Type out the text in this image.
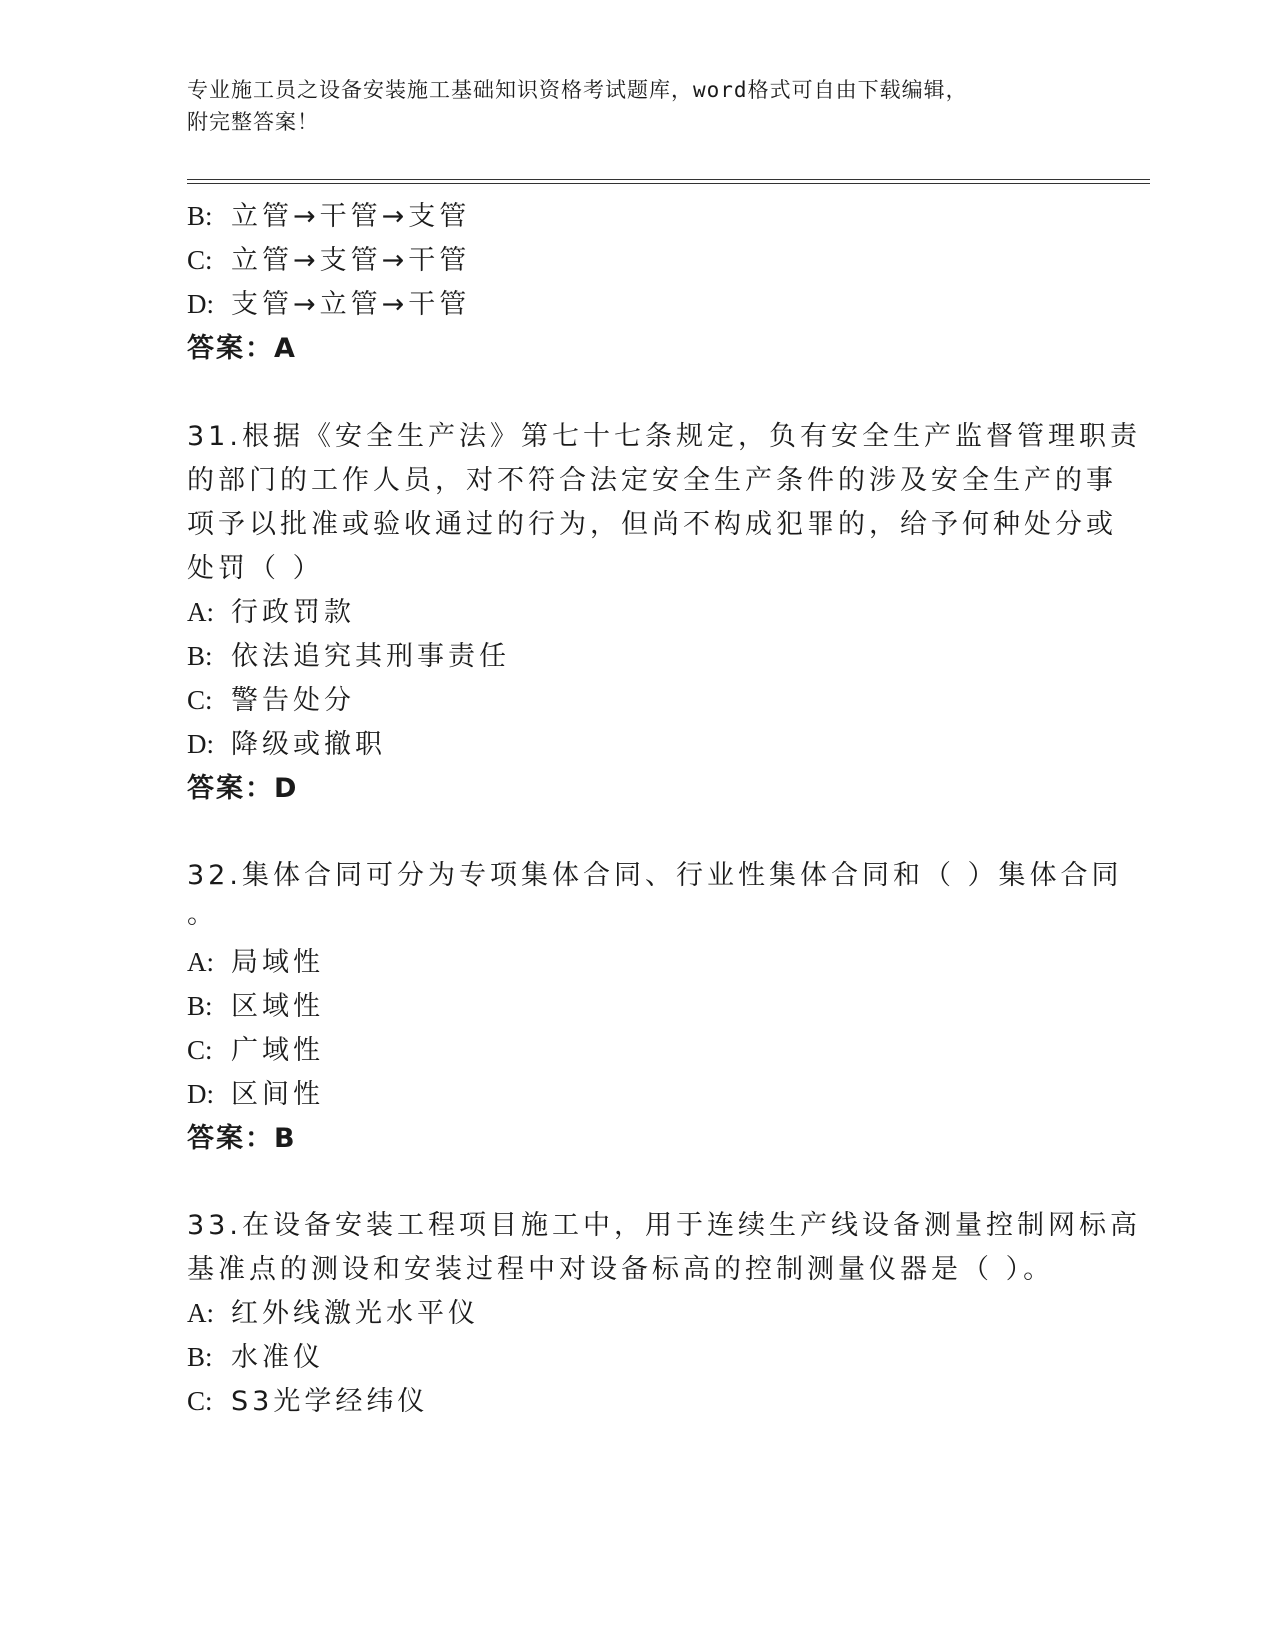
专业施工员之设备安装施工基础知识资格考试题库，word格式可自由下载编辑，
附完整答案！
B: 立管→干管→支管
C: 立管→支管→干管
D: 支管→立管→干管
答案：A
31.根据《安全生产法》第七十七条规定，负有安全生产监督管理职责
的部门的工作人员，对不符合法定安全生产条件的涉及安全生产的事
项予以批准或验收通过的行为，但尚不构成犯罪的，给予何种处分或
处罚（ ）
A: 行政罚款
B: 依法追究其刑事责任
C: 警告处分
D: 降级或撤职
答案：D
32.集体合同可分为专项集体合同、行业性集体合同和（ ）集体合同
。
A: 局域性
B: 区域性
C: 广域性
D: 区间性
答案：B
33.在设备安装工程项目施工中，用于连续生产线设备测量控制网标高
基准点的测设和安装过程中对设备标高的控制测量仪器是（ ）。
A: 红外线激光水平仪
B: 水准仪
C: S3光学经纬仪
